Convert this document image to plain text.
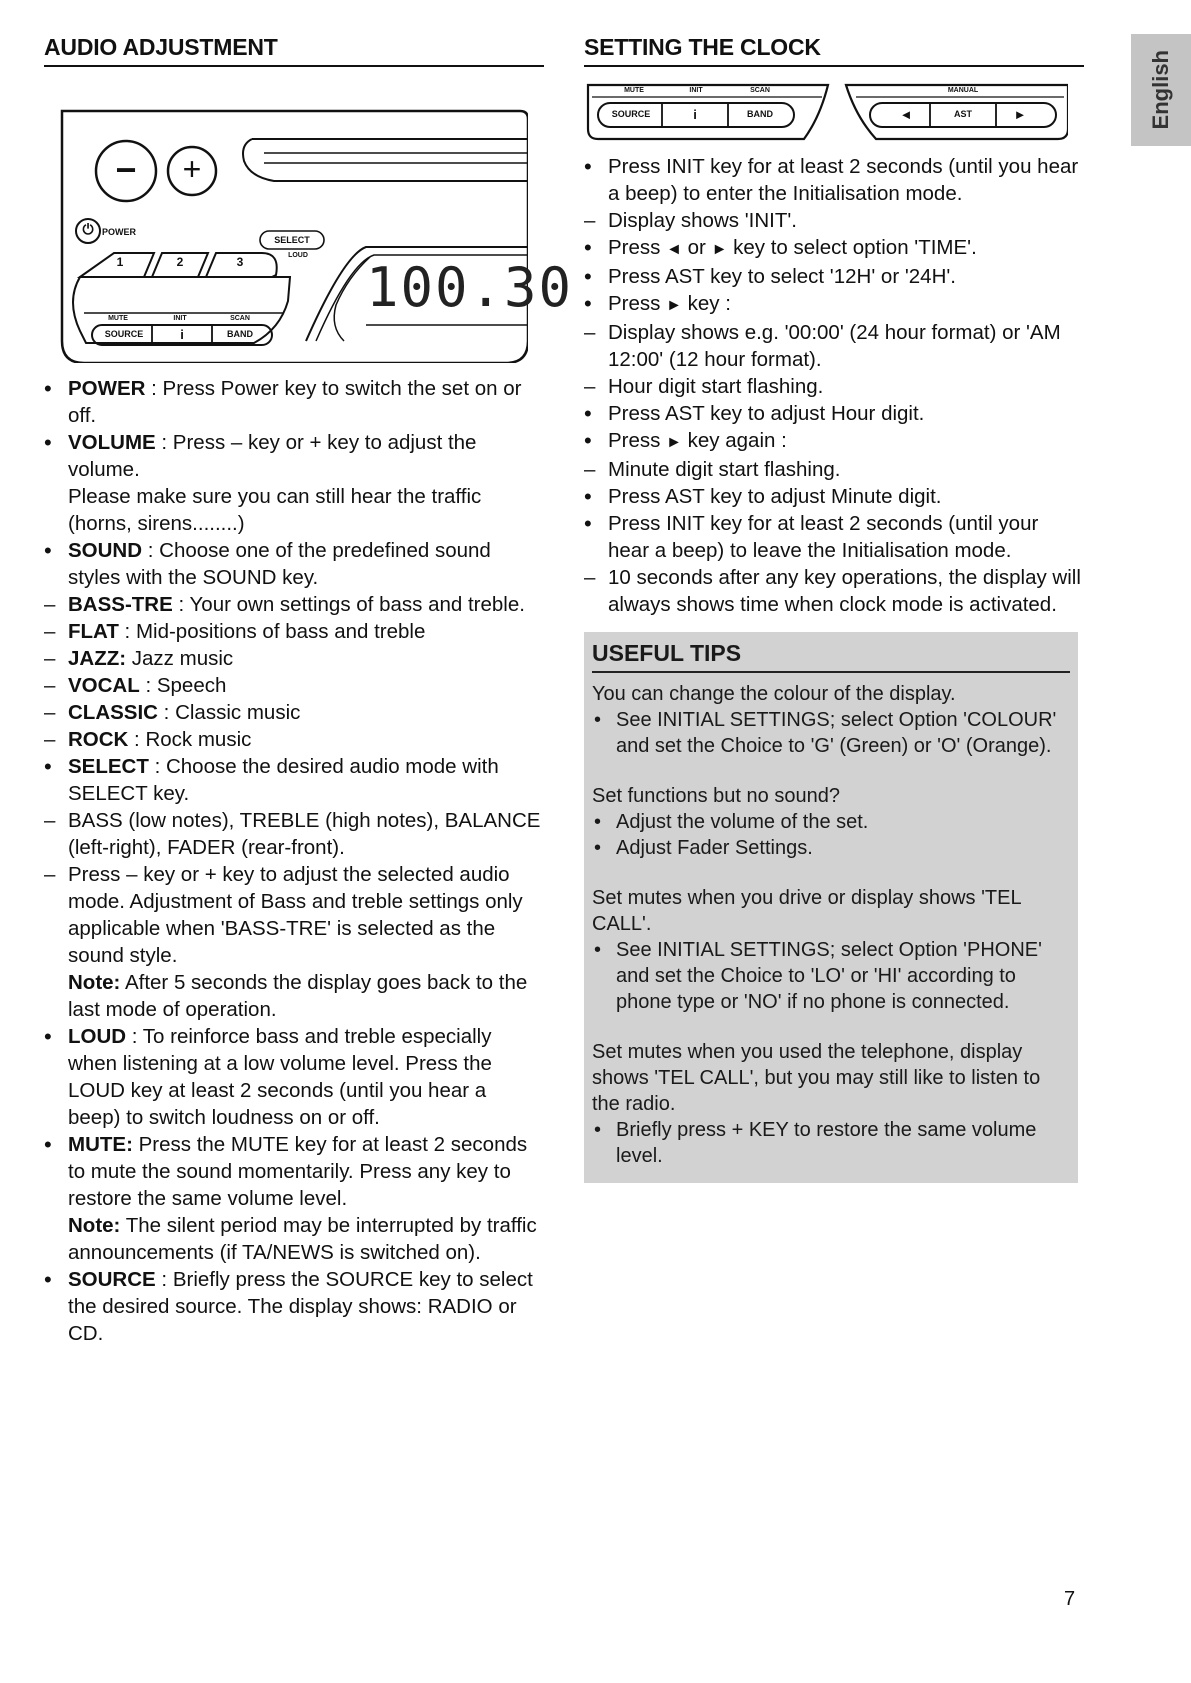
AUDIO ADJUSTMENT
−	+
SELECT
LOUD
⏻ POWER
1	2	3
MUTE	INIT	SCAN
SOURCE	i	BAND
100.30
• POWER : Press Power key to switch the set on or off.
• VOLUME : Press – key or + key to adjust the volume.
Please make sure you can still hear the traffic (horns, sirens........)
• SOUND : Choose one of the predefined sound styles with the SOUND key.
– BASS-TRE : Your own settings of bass and treble.
– FLAT : Mid-positions of bass and treble
– JAZZ: Jazz music
– VOCAL : Speech
– CLASSIC : Classic music
– ROCK : Rock music
• SELECT : Choose the desired audio mode with SELECT key.
– BASS (low notes), TREBLE (high notes), BALANCE (left-right), FADER (rear-front).
– Press – key or + key to adjust the selected audio mode. Adjustment of Bass and treble settings only applicable when 'BASS-TRE' is selected as the sound style.
Note: After 5 seconds the display goes back to the last mode of operation.
• LOUD : To reinforce bass and treble especially when listening at a low volume level. Press the LOUD key at least 2 seconds (until you hear a beep) to switch loudness on or off.
• MUTE: Press the MUTE key for at least 2 seconds to mute the sound momentarily. Press any key to restore the same volume level.
Note: The silent period may be interrupted by traffic announcements (if TA/NEWS is switched on).
• SOURCE : Briefly press the SOURCE key to select the desired source. The display shows: RADIO or CD.
SETTING THE CLOCK
MUTE	INIT	SCAN
SOURCE	i	BAND
MANUAL
◄	AST	►
• Press INIT key for at least 2 seconds (until you hear a beep) to enter the Initialisation mode.
– Display shows 'INIT'.
• Press ◄ or ► key to select option 'TIME'.
• Press AST key to select '12H' or '24H'.
• Press ► key :
– Display shows e.g. '00:00' (24 hour format) or 'AM 12:00' (12 hour format).
– Hour digit start flashing.
• Press AST key to adjust Hour digit.
• Press ► key again :
– Minute digit start flashing.
• Press AST key to adjust Minute digit.
• Press INIT key for at least 2 seconds (until your hear a beep) to leave the Initialisation mode.
– 10 seconds after any key operations, the display will always shows time when clock mode is activated.
USEFUL TIPS
You can change the colour of the display.
• See INITIAL SETTINGS; select Option 'COLOUR' and set the Choice to 'G' (Green) or 'O' (Orange).
Set functions but no sound?
• Adjust the volume of the set.
• Adjust Fader Settings.
Set mutes when you drive or display shows 'TEL CALL'.
• See INITIAL SETTINGS; select Option 'PHONE' and set the Choice to 'LO' or 'HI' according to phone type or 'NO' if no phone is connected.
Set mutes when you used the telephone, display shows 'TEL CALL', but you may still like to listen to the radio.
• Briefly press + KEY to restore the same volume level.
English
7
